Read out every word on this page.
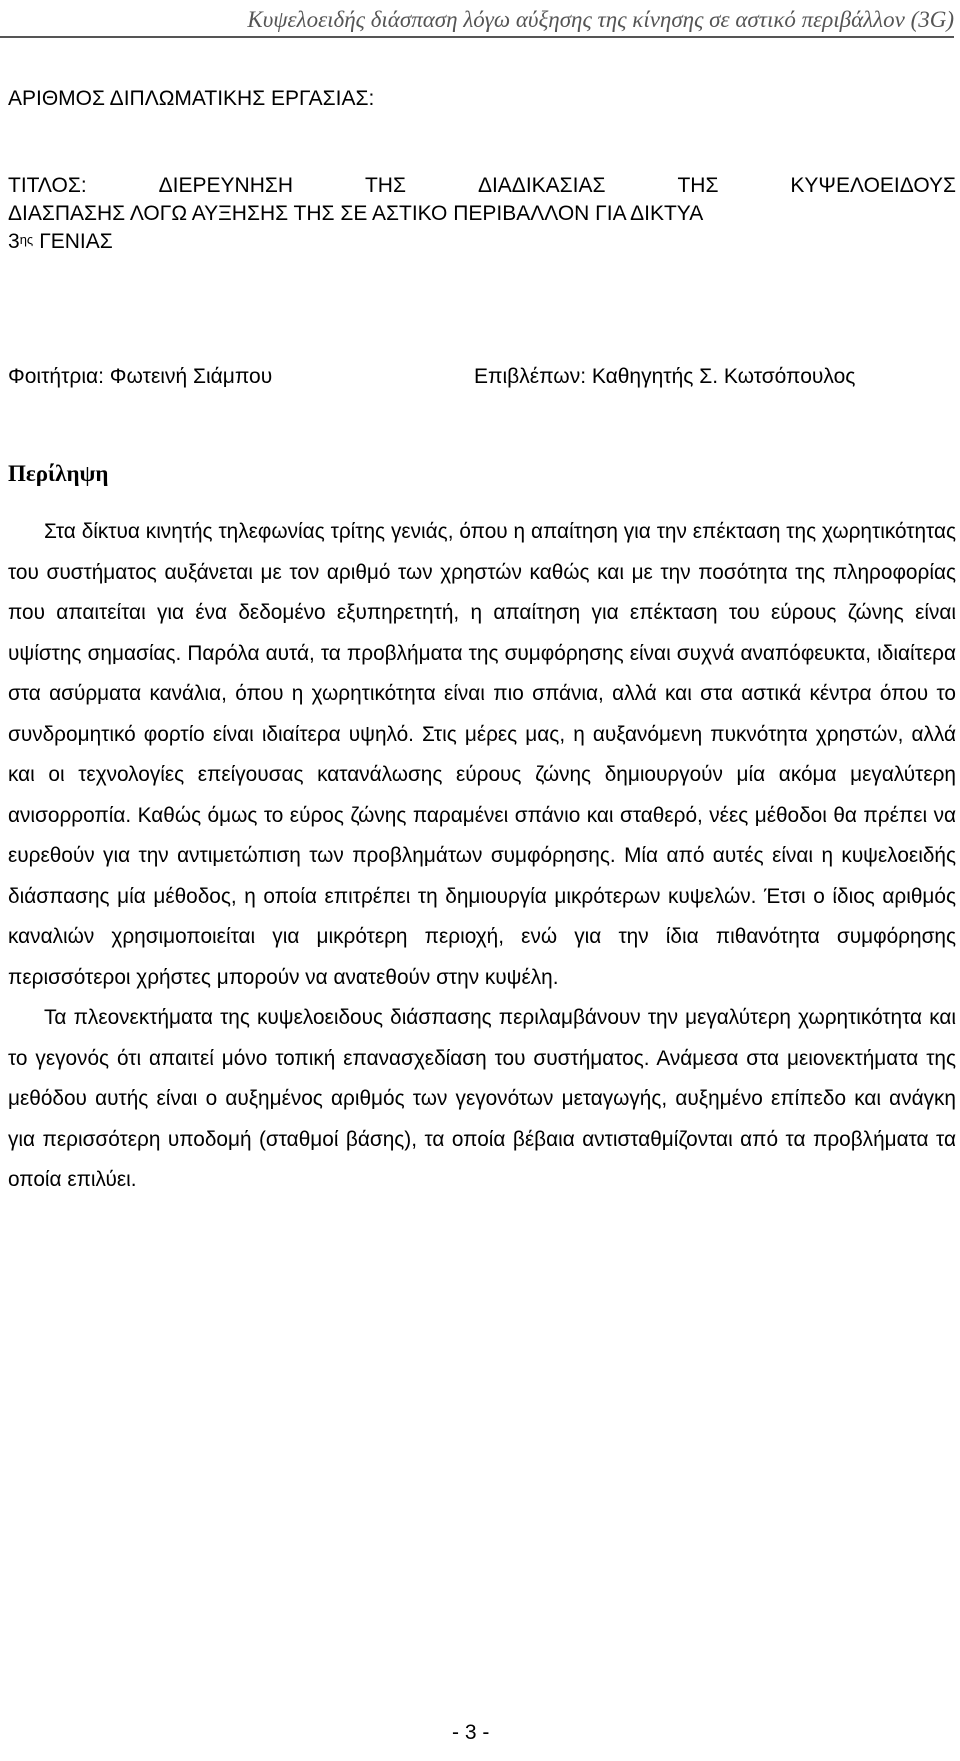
Κυψελοειδής διάσπαση λόγω αύξησης της κίνησης σε αστικό περιβάλλον (3G)
ΑΡΙΘΜΟΣ ΔΙΠΛΩΜΑΤΙΚΗΣ ΕΡΓΑΣΙΑΣ:
ΤΙΤΛΟΣ:	ΔΙΕΡΕΥΝΗΣΗ	ΤΗΣ	ΔΙΑΔΙΚΑΣΙΑΣ	ΤΗΣ	ΚΥΨΕΛΟΕΙΔΟΥΣ
ΔΙΑΣΠΑΣΗΣ ΛΟΓΩ ΑΥΞΗΣΗΣ ΤΗΣ ΣΕ ΑΣΤΙΚΟ ΠΕΡΙΒΑΛΛΟΝ ΓΙΑ ΔΙΚΤΥΑ
$3^{\eta\varsigma}$ ΓΕΝΙΑΣ
Φοιτήτρια: Φωτεινή Σιάμπου	Επιβλέπων: Καθηγητής Σ. Κωτσόπουλος
Περίληψη

Στα δίκτυα κινητής τηλεφωνίας τρίτης γενιάς, όπου η απαίτηση για την επέκταση της χωρητικότητας του συστήματος αυξάνεται με τον αριθμό των χρηστών καθώς και με την ποσότητα της πληροφορίας που απαιτείται για ένα δεδομένο εξυπηρετητή, η απαίτηση για επέκταση του εύρους ζώνης είναι υψίστης σημασίας. Παρόλα αυτά, τα προβλήματα της συμφόρησης είναι συχνά αναπόφευκτα, ιδιαίτερα στα ασύρματα κανάλια, όπου η χωρητικότητα είναι πιο σπάνια, αλλά και στα αστικά κέντρα όπου το συνδρομητικό φορτίο είναι ιδιαίτερα υψηλό. Στις μέρες μας, η αυξανόμενη πυκνότητα χρηστών, αλλά και οι τεχνολογίες επείγουσας κατανάλωσης εύρους ζώνης δημιουργούν μία ακόμα μεγαλύτερη ανισορροπία. Καθώς όμως το εύρος ζώνης παραμένει σπάνιο και σταθερό, νέες μέθοδοι θα πρέπει να ευρεθούν για την αντιμετώπιση των προβλημάτων συμφόρησης. Μία από αυτές είναι η κυψελοειδής διάσπασης μία μέθοδος, η οποία επιτρέπει τη δημιουργία μικρότερων κυψελών. Έτσι ο ίδιος αριθμός καναλιών χρησιμοποιείται για μικρότερη περιοχή, ενώ για την ίδια πιθανότητα συμφόρησης περισσότεροι χρήστες μπορούν να ανατεθούν στην κυψέλη.

Τα πλεονεκτήματα της κυψελοειδους διάσπασης περιλαμβάνουν την μεγαλύτερη χωρητικότητα και το γεγονός ότι απαιτεί μόνο τοπική επανασχεδίαση του συστήματος. Ανάμεσα στα μειονεκτήματα της μεθόδου αυτής είναι ο αυξημένος αριθμός των γεγονότων μεταγωγής, αυξημένο επίπεδο και ανάγκη για περισσότερη υποδομή (σταθμοί βάσης), τα οποία βέβαια αντισταθμίζονται από τα προβλήματα τα οποία επιλύει.

- 3 -
